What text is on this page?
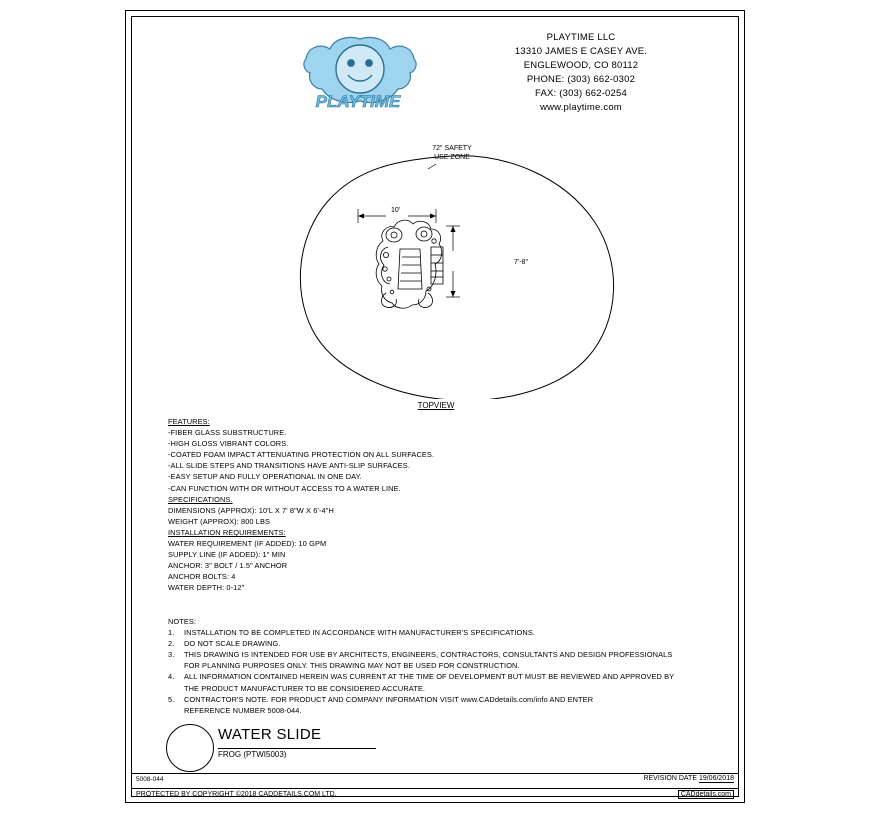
PLAYTIME
PLAYTIME LLC
13310 JAMES E CASEY AVE.
ENGLEWOOD, CO 80112
PHONE: (303) 662-0302
FAX: (303) 662-0254
www.playtime.com
72" SAFETY
USE ZONE
10'
7'-8"
TOPVIEW
FEATURES:
-FIBER GLASS SUBSTRUCTURE.
-HIGH GLOSS VIBRANT COLORS.
-COATED FOAM IMPACT ATTENUATING PROTECTION ON ALL SURFACES.
-ALL SLIDE STEPS AND TRANSITIONS HAVE ANTI-SLIP SURFACES.
-EASY SETUP AND FULLY OPERATIONAL IN ONE DAY.
-CAN FUNCTION WITH OR WITHOUT ACCESS TO A WATER LINE.
SPECIFICATIONS.
DIMENSIONS (APPROX): 10'L X 7' 8"W X 6'-4"H
WEIGHT (APPROX): 800 LBS
INSTALLATION REQUIREMENTS:
WATER REQUIREMENT (IF ADDED): 10 GPM
SUPPLY LINE (IF ADDED): 1" MIN
ANCHOR: 3" BOLT / 1.5" ANCHOR
ANCHOR BOLTS: 4
WATER DEPTH: 0-12"
NOTES:
1.	INSTALLATION TO BE COMPLETED IN ACCORDANCE WITH MANUFACTURER'S SPECIFICATIONS.
2.	DO NOT SCALE DRAWING.
3.	THIS DRAWING IS INTENDED FOR USE BY ARCHITECTS, ENGINEERS, CONTRACTORS, CONSULTANTS AND DESIGN PROFESSIONALS
FOR PLANNING PURPOSES ONLY. THIS DRAWING MAY NOT BE USED FOR CONSTRUCTION.
4.	ALL INFORMATION CONTAINED HEREIN WAS CURRENT AT THE TIME OF DEVELOPMENT BUT MUST BE REVIEWED AND APPROVED BY
THE PRODUCT MANUFACTURER TO BE CONSIDERED ACCURATE.
5.	CONTRACTOR'S NOTE. FOR PRODUCT AND COMPANY INFORMATION VISIT www.CADdetails.com/info AND ENTER
REFERENCE NUMBER 5008-044.
WATER SLIDE
FROG (PTWI5003)
5008-044	REVISION DATE 19/06/2018
PROTECTED BY COPYRIGHT ©2018 CADDETAILS.COM LTD.	CADdetails.com
